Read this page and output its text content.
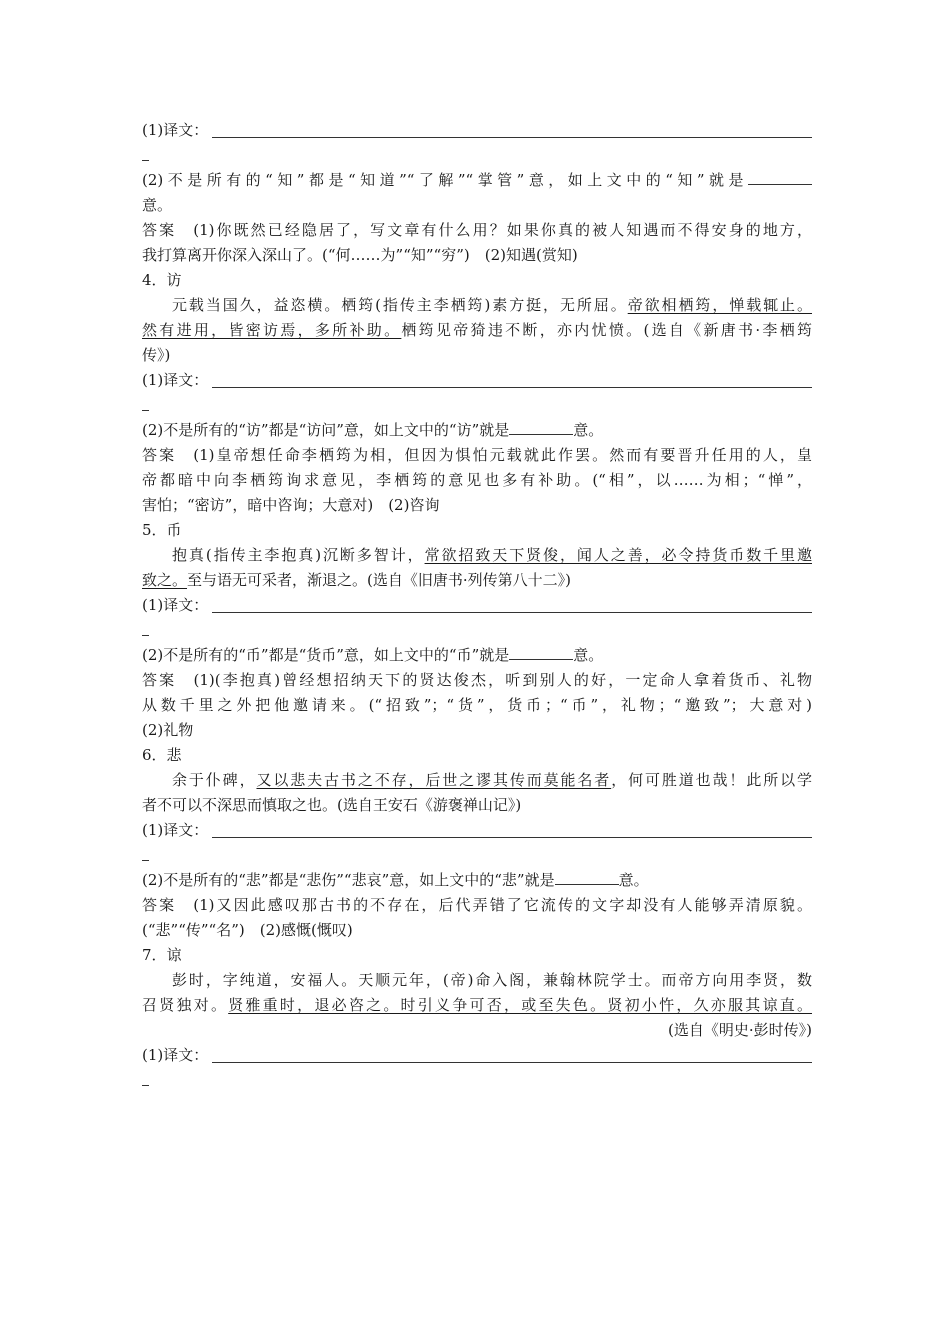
(1)译文：
(2)不是所有的“知”都是“知道”“了解”“掌管”意，如上文中的“知”就是
意。
答案　(1)你既然已经隐居了，写文章有什么用？如果你真的被人知遇而不得安身的地方，
我打算离开你深入深山了。(“何……为”“知”“穷”)　(2)知遇(赏知)
4．访
元载当国久，益恣横。栖筠(指传主李栖筠)素方挺，无所屈。帝欲相栖筠，惮载辄止。
然有进用，皆密访焉，多所补助。栖筠见帝猗违不断，亦内忧愤。(选自《新唐书·李栖筠
传》)
(1)译文：
(2)不是所有的“访”都是“访问”意，如上文中的“访”就是	意。
答案　(1)皇帝想任命李栖筠为相，但因为惧怕元载就此作罢。然而有要晋升任用的人，皇
帝都暗中向李栖筠询求意见，李栖筠的意见也多有补助。(“相”，以……为相；“惮”，
害怕；“密访”，暗中咨询；大意对)　(2)咨询
5．币
抱真(指传主李抱真)沉断多智计，常欲招致天下贤俊，闻人之善，必令持货币数千里邀
致之。至与语无可采者，渐退之。(选自《旧唐书·列传第八十二》)
(1)译文：
(2)不是所有的“币”都是“货币”意，如上文中的“币”就是	意。
答案　(1)(李抱真)曾经想招纳天下的贤达俊杰，听到别人的好，一定命人拿着货币、礼物
从数千里之外把他邀请来。(“招致”；“货”，货币；“币”，礼物；“邀致”；大意对)
(2)礼物
6．悲
余于仆碑，又以悲夫古书之不存，后世之谬其传而莫能名者，何可胜道也哉！此所以学
者不可以不深思而慎取之也。(选自王安石《游褒禅山记》)
(1)译文：
(2)不是所有的“悲”都是“悲伤”“悲哀”意，如上文中的“悲”就是	意。
答案　(1)又因此感叹那古书的不存在，后代弄错了它流传的文字却没有人能够弄清原貌。
(“悲”“传”“名”)　(2)感慨(慨叹)
7．谅
彭时，字纯道，安福人。天顺元年，(帝)命入阁，兼翰林院学士。而帝方向用李贤，数
召贤独对。贤雅重时，退必咨之。时引义争可否，或至失色。贤初小忤，久亦服其谅直。
(选自《明史·彭时传》)
(1)译文：
